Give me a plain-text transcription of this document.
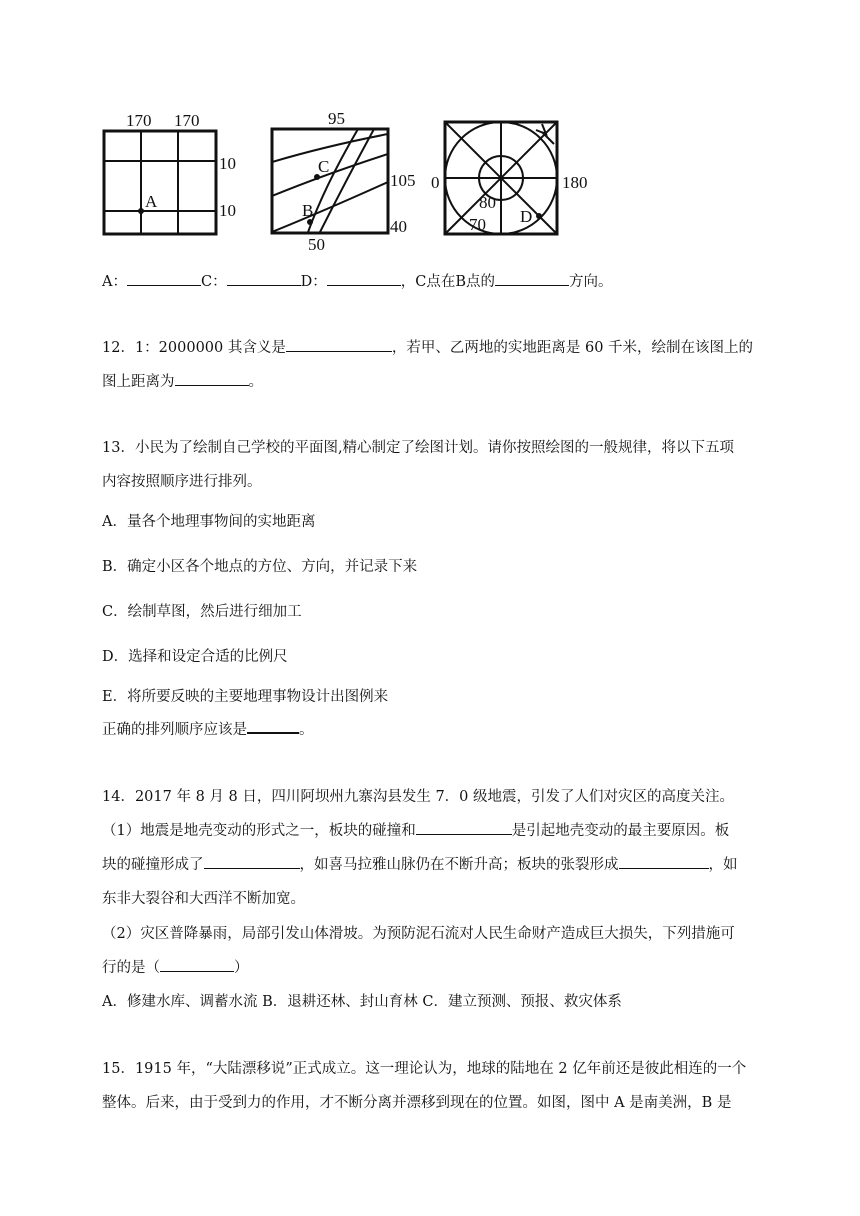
170 170
10
10
A
95
C
105
B
40
50
0	180
80
70 D
A：	C：	D：	，C点在B点的	方向。
12．1：2000000 其含义是	，若甲、乙两地的实地距离是 60 千米，绘制在该图上的
图上距离为	。
13．小民为了绘制自己学校的平面图,精心制定了绘图计划。请你按照绘图的一般规律，将以下五项
内容按照顺序进行排列。
A．量各个地理事物间的实地距离
B．确定小区各个地点的方位、方向，并记录下来
C．绘制草图，然后进行细加工
D．选择和设定合适的比例尺
E．将所要反映的主要地理事物设计出图例来
正确的排列顺序应该是	。
14．2017 年 8 月 8 日，四川阿坝州九寨沟县发生 7．0 级地震，引发了人们对灾区的高度关注。
（1）地震是地壳变动的形式之一，板块的碰撞和	是引起地壳变动的最主要原因。板
块的碰撞形成了	，如喜马拉雅山脉仍在不断升高；板块的张裂形成	，如
东非大裂谷和大西洋不断加宽。
（2）灾区普降暴雨，局部引发山体滑坡。为预防泥石流对人民生命财产造成巨大损失，下列措施可
行的是（	）
A．修建水库、调蓄水流 B．退耕还林、封山育林 C．建立预测、预报、救灾体系
15．1915 年，“大陆漂移说”正式成立。这一理论认为，地球的陆地在 2 亿年前还是彼此相连的一个
整体。后来，由于受到力的作用，才不断分离并漂移到现在的位置。如图，图中 A 是南美洲，B 是
